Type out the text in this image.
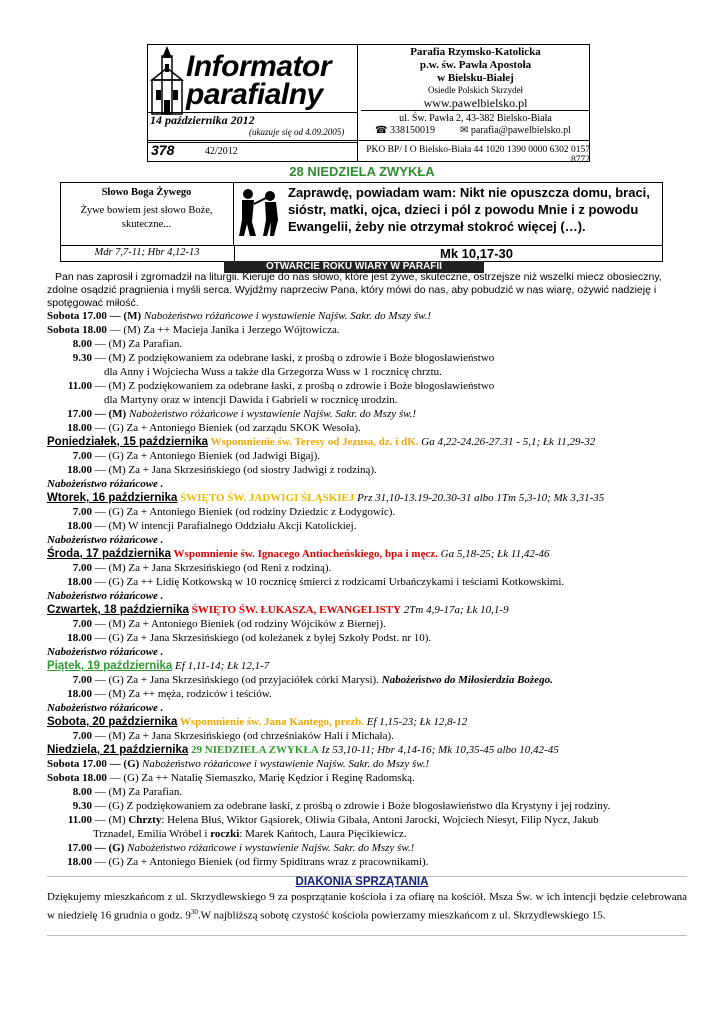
Informator
parafialny
14 października 2012
(ukazuje się od 4.09.2005)
378	42/2012
Parafia Rzymsko-Katolicka
p.w. św. Pawła Apostoła
w Bielsku-Białej
Osiedle Polskich Skrzydeł
www.pawelbielsko.pl
ul. Św. Pawła 2, 43-382 Bielsko-Biała
☎ 338150019	✉ parafia@pawelbielsko.pl
PKO BP/ I O Bielsko-Biała 44 1020 1390 0000 6302 0157 8772
28 NIEDZIELA ZWYKŁA
Słowo Boga Żywego
Żywe bowiem jest słowo Boże, skuteczne...
Zaprawdę, powiadam wam: Nikt nie opuszcza domu, braci, sióstr, matki, ojca, dzieci i pól z powodu Mnie i z powodu Ewangelii, żeby nie otrzymał stokroć więcej (…).
Mdr 7,7-11; Hbr 4,12-13	Mk 10,17-30
OTWARCIE ROKU WIARY W PARAFII
Pan nas zaprosił i zgromadził na liturgii. Kieruje do nas słowo, które jest żywe, skuteczne, ostrzejsze niż wszelki miecz obosieczny, zdolne osądzić pragnienia i myśli serca. Wyjdźmy naprzeciw Pana, który mówi do nas, aby pobudzić w nas wiarę, ożywić nadzieję i spotęgować miłość.
Sobota 17.00 — (M) Nabożeństwo różańcowe i wystawienie Najśw. Sakr. do Mszy św.!
Sobota 18.00 — (M) Za ++ Macieja Janika i Jerzego Wójtowicza.
8.00 — (M) Za Parafian.
9.30 — (M) Z podziękowaniem za odebrane łaski, z prośbą o zdrowie i Boże błogosławieństwo
dla Anny i Wojciecha Wuss a także dla Grzegorza Wuss w 1 rocznicę chrztu.
11.00 — (M) Z podziękowaniem za odebrane łaski, z prośbą o zdrowie i Boże błogosławieństwo
dla Martyny oraz w intencji Dawida i Gabrieli w rocznicę urodzin.
17.00 — (M) Nabożeństwo różańcowe i wystawienie Najśw. Sakr. do Mszy św.!
18.00 — (G) Za + Antoniego Bieniek (od zarządu SKOK Wesoła).
Poniedziałek, 15 października Wspomnienie św. Teresy od Jezusa, dz. i dK. Ga 4,22-24.26-27.31 - 5,1; Łk 11,29-32
7.00 — (G) Za + Antoniego Bieniek (od Jadwigi Bigaj).
18.00 — (M) Za + Jana Skrzesińskiego (od siostry Jadwigi z rodziną).
Nabożeństwo różańcowe .
Wtorek, 16 października ŚWIĘTO ŚW. JADWIGI ŚLĄSKIEJ Prz 31,10-13.19-20.30-31 albo 1Tm 5,3-10; Mk 3,31-35
7.00 — (G) Za + Antoniego Bieniek (od rodziny Dziedzic z Łodygowic).
18.00 — (M) W intencji Parafialnego Oddziału Akcji Katolickiej.
Nabożeństwo różańcowe .
Środa, 17 października Wspomnienie św. Ignacego Antiocheńskiego, bpa i męcz. Ga 5,18-25; Łk 11,42-46
7.00 — (M) Za + Jana Skrzesińskiego (od Reni z rodziną).
18.00 — (G) Za ++ Lidię Kotkowską w 10 rocznicę śmierci z rodzicami Urbańczykami i teściami Kotkowskimi.
Nabożeństwo różańcowe .
Czwartek, 18 października ŚWIĘTO ŚW. ŁUKASZA, EWANGELISTY 2Tm 4,9-17a; Łk 10,1-9
7.00 — (M) Za + Antoniego Bieniek (od rodziny Wójcików z Biernej).
18.00 — (G) Za + Jana Skrzesińskiego (od koleżanek z byłej Szkoły Podst. nr 10).
Nabożeństwo różańcowe .
Piątek, 19 października Ef 1,11-14; Łk 12,1-7
7.00 — (G) Za + Jana Skrzesińskiego (od przyjaciółek córki Marysi). Nabożeństwo do Miłosierdzia Bożego.
18.00 — (M) Za ++ męża, rodziców i teściów.
Nabożeństwo różańcowe .
Sobota, 20 października Wspomnienie św. Jana Kantego, prezb. Ef 1,15-23; Łk 12,8-12
7.00 — (M) Za + Jana Skrzesińskiego (od chrześniaków Hali i Michała).
Niedziela, 21 października 29 NIEDZIELA ZWYKŁA Iz 53,10-11; Hbr 4,14-16; Mk 10,35-45 albo 10,42-45
Sobota 17.00 — (G) Nabożeństwo różańcowe i wystawienie Najśw. Sakr. do Mszy św.!
Sobota 18.00 — (G) Za ++ Natalię Siemaszko, Marię Kędzior i Reginę Radomską.
8.00 — (M) Za Parafian.
9.30 — (G) Z podziękowaniem za odebrane łaski, z prośbą o zdrowie i Boże błogosławieństwo dla Krystyny i jej rodziny.
11.00 — (M) Chrzty: Helena Błuś, Wiktor Gąsiorek, Oliwia Gibała, Antoni Jarocki, Wojciech Niesyt, Filip Nycz, Jakub
Trznadel, Emilia Wróbel i roczki: Marek Kańtoch, Laura Pięcikiewicz.
17.00 — (G) Nabożeństwo różańcowe i wystawienie Najśw. Sakr. do Mszy św.!
18.00 — (G) Za + Antoniego Bieniek (od firmy Spiditrans wraz z pracownikami).
DIAKONIA SPRZĄTANIA
Dziękujemy mieszkańcom z ul. Skrzydlewskiego 9 za posprzątanie kościoła i za ofiarę na kościół. Msza Św. w ich intencji będzie celebrowana w niedzielę 16 grudnia o godz. $9^{30}.W$ najbliższą sobotę czystość kościoła powierzamy mieszkańcom z ul. Skrzydlewskiego 15.
